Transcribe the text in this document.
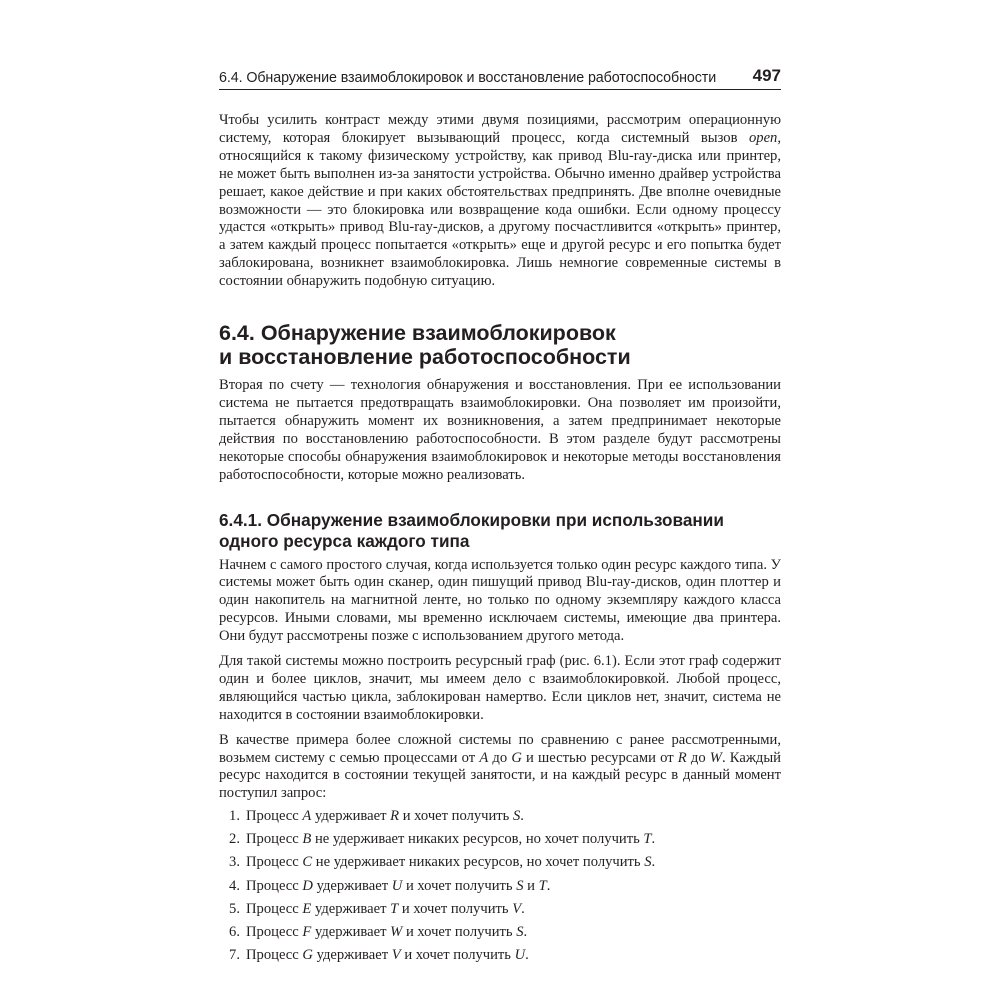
6.4. Обнаружение взаимоблокировок и восстановление работоспособности 497

Чтобы усилить контраст между этими двумя позициями, рассмотрим операционную систему, которая блокирует вызывающий процесс, когда системный вызов open, относящийся к такому физическому устройству, как привод Blu-ray-диска или принтер, не может быть выполнен из-за занятости устройства. Обычно именно драйвер устройства решает, какое действие и при каких обстоятельствах предпринять. Две вполне очевидные возможности — это блокировка или возвращение кода ошибки. Если одному процессу удастся «открыть» привод Blu-ray-дисков, а другому посчастливится «открыть» принтер, а затем каждый процесс попытается «открыть» еще и другой ресурс и его попытка будет заблокирована, возникнет взаимоблокировка. Лишь немногие современные системы в состоянии обнаружить подобную ситуацию.

6.4. Обнаружение взаимоблокировок
и восстановление работоспособности

Вторая по счету — технология обнаружения и восстановления. При ее использовании система не пытается предотвращать взаимоблокировки. Она позволяет им произойти, пытается обнаружить момент их возникновения, а затем предпринимает некоторые действия по восстановлению работоспособности. В этом разделе будут рассмотрены некоторые способы обнаружения взаимоблокировок и некоторые методы восстановления работоспособности, которые можно реализовать.

6.4.1. Обнаружение взаимоблокировки при использовании
одного ресурса каждого типа

Начнем с самого простого случая, когда используется только один ресурс каждого типа. У системы может быть один сканер, один пишущий привод Blu-ray-дисков, один плоттер и один накопитель на магнитной ленте, но только по одному экземпляру каждого класса ресурсов. Иными словами, мы временно исключаем системы, имеющие два принтера. Они будут рассмотрены позже с использованием другого метода.

Для такой системы можно построить ресурсный граф (рис. 6.1). Если этот граф содержит один и более циклов, значит, мы имеем дело с взаимоблокировкой. Любой процесс, являющийся частью цикла, заблокирован намертво. Если циклов нет, значит, система не находится в состоянии взаимоблокировки.

В качестве примера более сложной системы по сравнению с ранее рассмотренными, возьмем систему с семью процессами от A до G и шестью ресурсами от R до W. Каждый ресурс находится в состоянии текущей занятости, и на каждый ресурс в данный момент поступил запрос:

1. Процесс A удерживает R и хочет получить S.
2. Процесс B не удерживает никаких ресурсов, но хочет получить T.
3. Процесс C не удерживает никаких ресурсов, но хочет получить S.
4. Процесс D удерживает U и хочет получить S и T.
5. Процесс E удерживает T и хочет получить V.
6. Процесс F удерживает W и хочет получить S.
7. Процесс G удерживает V и хочет получить U.
